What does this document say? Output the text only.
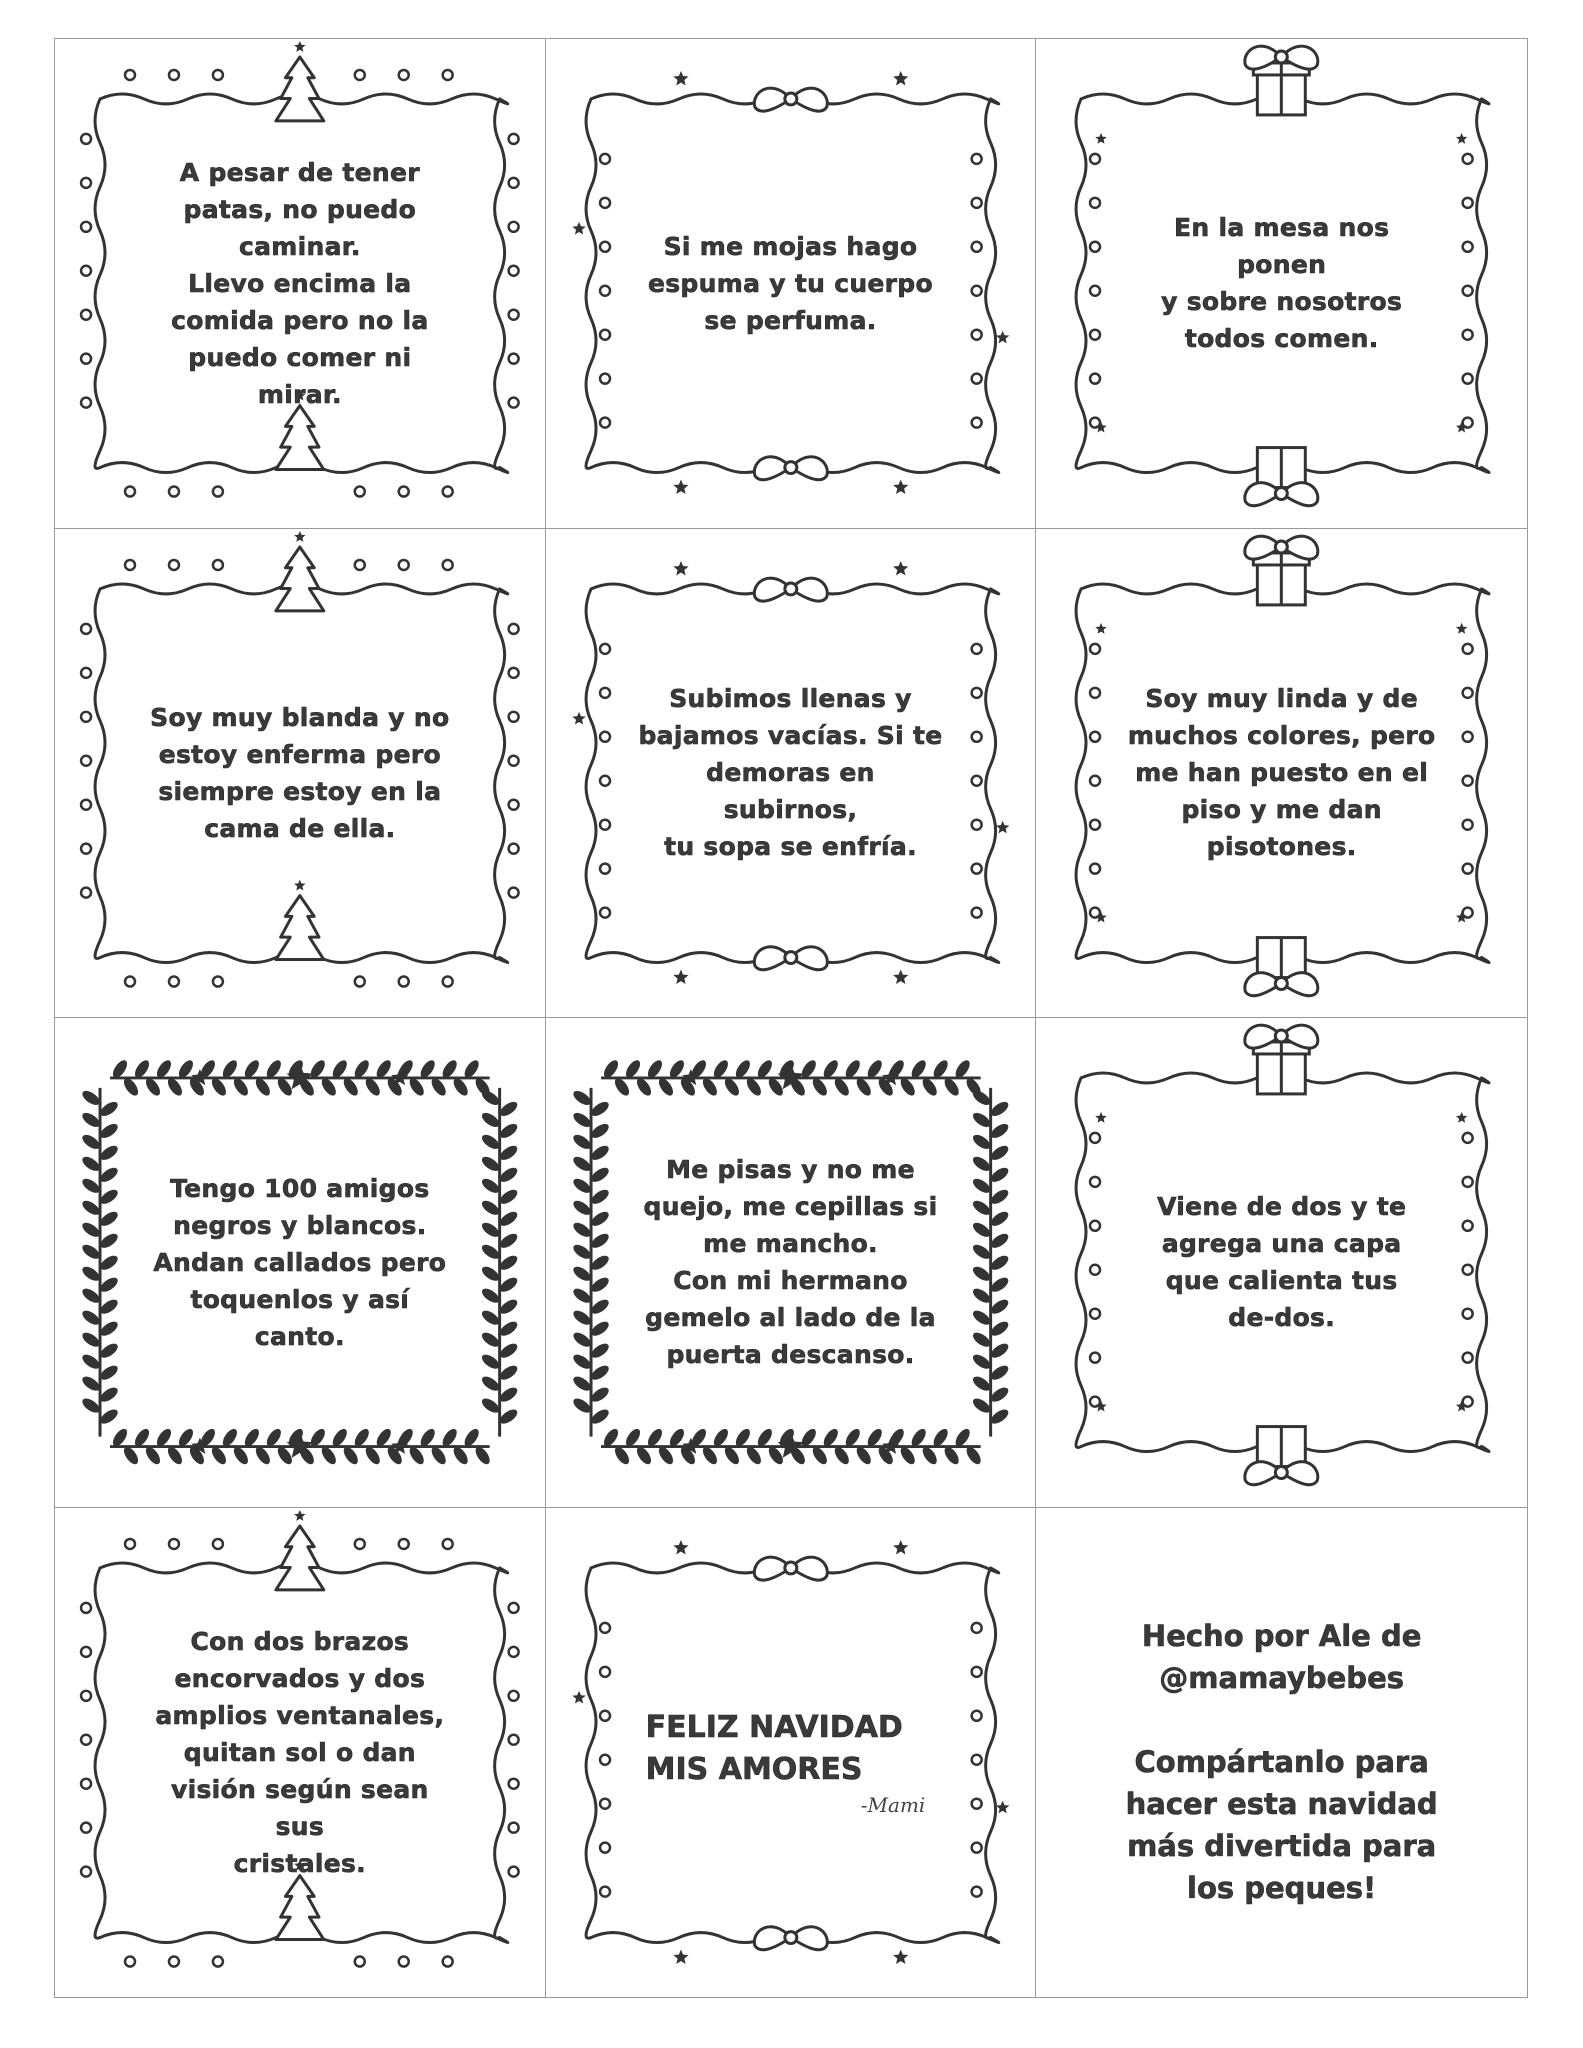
A pesar de tener
patas, no puedo
caminar.
Llevo encima la
comida pero no la
puedo comer ni
mirar.
Si me mojas hago
espuma y tu cuerpo
se perfuma.
En la mesa nos ponen
y sobre nosotros
todos comen.
Soy muy blanda y no
estoy enferma pero
siempre estoy en la
cama de ella.
Subimos llenas y
bajamos vacías. Si te
demoras en subirnos,
tu sopa se enfría.
Soy muy linda y de
muchos colores, pero
me han puesto en el
piso y me dan
pisotones.
Tengo 100 amigos
negros y blancos.
Andan callados pero
toquenlos y así canto.
Me pisas y no me
quejo, me cepillas si
me mancho.
Con mi hermano
gemelo al lado de la
puerta descanso.
Viene de dos y te
agrega una capa
que calienta tus
de-dos.
Con dos brazos
encorvados y dos
amplios ventanales,
quitan sol o dan
visión según sean sus
cristales.
FELIZ NAVIDAD
MIS AMORES
-Mami
Hecho por Ale de
@mamaybebes

Compártanlo para
hacer esta navidad
más divertida para
los peques!
